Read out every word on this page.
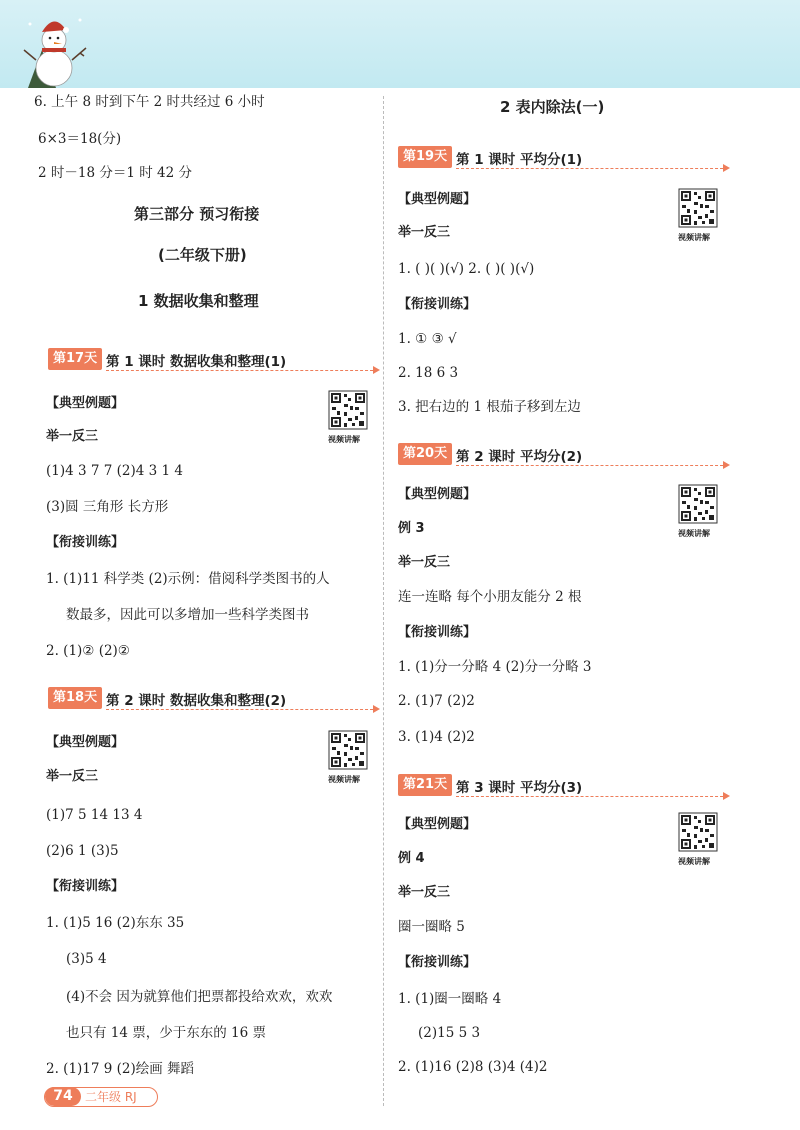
6. 上午 8 时到下午 2 时共经过 6 小时
6×3＝18(分)
2 时－18 分＝1 时 42 分
第三部分 预习衔接
(二年级下册)
1 数据收集和整理
第17天 第 1 课时 数据收集和整理(1)
【典型例题】
视频讲解
举一反三
(1)4 3 7 7 (2)4 3 1 4
(3)圆 三角形 长方形
【衔接训练】
1. (1)11 科学类 (2)示例：借阅科学类图书的人
数最多，因此可以多增加一些科学类图书
2. (1)② (2)②
第18天 第 2 课时 数据收集和整理(2)
【典型例题】
视频讲解
举一反三
(1)7 5 14 13 4
(2)6 1 (3)5
【衔接训练】
1. (1)5 16 (2)东东 35
(3)5 4
(4)不会 因为就算他们把票都投给欢欢，欢欢
也只有 14 票，少于东东的 16 票
2. (1)17 9 (2)绘画 舞蹈
2 表内除法(一)
第19天 第 1 课时 平均分(1)
【典型例题】
视频讲解
举一反三
1. ( )( )(√) 2. ( )( )(√)
【衔接训练】
1. ① ③ √
2. 18 6 3
3. 把右边的 1 根茄子移到左边
第20天 第 2 课时 平均分(2)
【典型例题】
视频讲解
例 3
举一反三
连一连略 每个小朋友能分 2 根
【衔接训练】
1. (1)分一分略 4 (2)分一分略 3
2. (1)7 (2)2
3. (1)4 (2)2
第21天 第 3 课时 平均分(3)
【典型例题】
视频讲解
例 4
举一反三
圈一圈略 5
【衔接训练】
1. (1)圈一圈略 4
(2)15 5 3
2. (1)16 (2)8 (3)4 (4)2
74	二年级 RJ
